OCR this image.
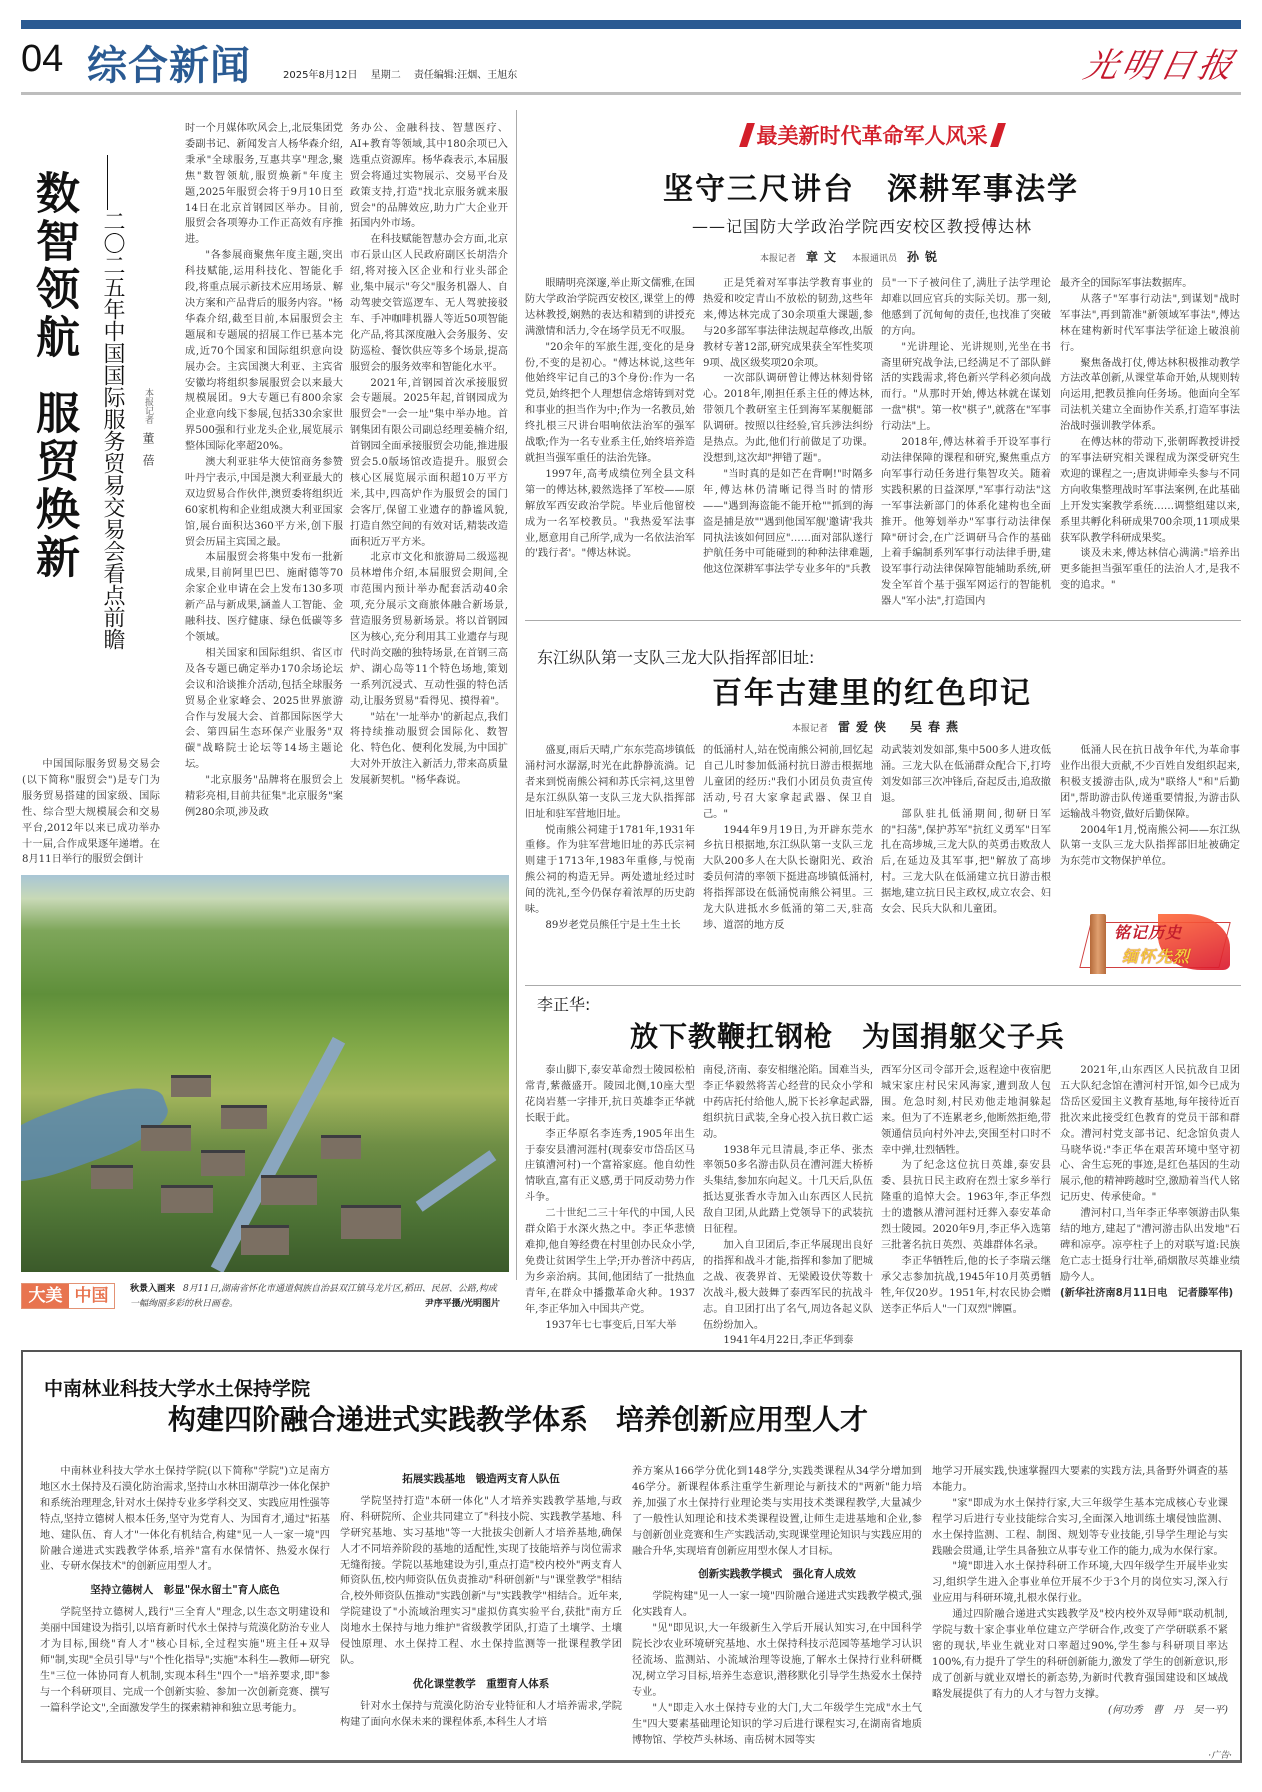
04 综合新闻	2025年8月12日 星期二 责任编辑:汪烟、王旭东	光明日报
数智领航服贸焕新 二〇二五年中国国际服务贸易交易会看点前瞻 本报记者董蓓

中国国际服务贸易交易会(以下简称"服贸会")是专门为服务贸易搭建的国家级、国际性、综合型大规模展会和交易平台,2012年以来已成功举办十一届,合作成果逐年递增。在8月11日举行的服贸会倒计

时一个月媒体吹风会上,北辰集团党委副书记、新闻发言人杨华森介绍,秉承"全球服务,互惠共享"理念,聚焦"数智领航,服贸焕新"年度主题,2025年服贸会将于9月10日至14日在北京首钢园区举办。目前,服贸会各项筹办工作正高效有序推进。

"各参展商聚焦年度主题,突出科技赋能,运用科技化、智能化手段,将重点展示新技术应用场景、解决方案和产品背后的服务内容。"杨华森介绍,截至目前,本届服贸会主题展和专题展的招展工作已基本完成,近70个国家和国际组织意向设展办会。主宾国澳大利亚、主宾省安徽均将组织参展服贸会以来最大规模展团。9大专题已有800余家企业意向线下参展,包括330余家世界500强和行业龙头企业,展览展示整体国际化率超20%。

澳大利亚驻华大使馆商务参赞叶丹宁表示,中国是澳大利亚最大的双边贸易合作伙伴,澳贸委将组织近60家机构和企业组成澳大利亚国家馆,展台面积达360平方米,创下服贸会历届主宾国之最。

本届服贸会将集中发布一批新成果,目前阿里巴巴、施耐德等70余家企业申请在会上发布130多项新产品与新成果,涵盖人工智能、金融科技、医疗健康、绿色低碳等多个领域。

相关国家和国际组织、省区市及各专题已确定举办170余场论坛会议和洽谈推介活动,包括全球服务贸易企业家峰会、2025世界旅游合作与发展大会、首都国际医学大会、第四届生态环保产业服务"双碳"战略院士论坛等14场主题论坛。

"北京服务"品牌将在服贸会上精彩亮相,目前共征集"北京服务"案例280余项,涉及政

务办公、金融科技、智慧医疗、AI+教育等领域,其中180余项已入选重点资源库。杨华森表示,本届服贸会将通过实物展示、交易平台及政策支持,打造"找北京服务就来服贸会"的品牌效应,助力广大企业开拓国内外市场。

在科技赋能智慧办会方面,北京市石景山区人民政府副区长胡浩介绍,将对接入区企业和行业头部企业,集中展示"夸父"服务机器人、自动驾驶交管巡逻车、无人驾驶接驳车、手冲咖啡机器人等近50项智能化产品,将其深度融入会务服务、安防巡检、餐饮供应等多个场景,提高服贸会的服务效率和智能化水平。

2021年,首钢园首次承接服贸会专题展。2025年起,首钢园成为服贸会"一会一址"集中举办地。首钢集团有限公司副总经理姜楠介绍,首钢园全面承接服贸会功能,推进服贸会5.0版场馆改造提升。服贸会核心区展览展示面积超10万平方米,其中,四高炉作为服贸会的国门会客厅,保留工业遗存的静谧风貌,打造自然空间的有效对话,精装改造面积近万平方米。

北京市文化和旅游局二级巡视员林增伟介绍,本届服贸会期间,全市范围内预计举办配套活动40余项,充分展示文商旅体融合新场景,营造服务贸易新场景。将以首钢园区为核心,充分利用其工业遗存与现代时尚交融的独特场景,在首钢三高炉、湖心岛等11个特色场地,策划一系列沉浸式、互动性强的特色活动,让服务贸易"看得见、摸得着"。

"站在'一址举办'的新起点,我们将持续推动服贸会国际化、数智化、特色化、便利化发展,为中国扩大对外开放注入新活力,带来高质量发展新契机。"杨华森说。

最美新时代革命军人风采
坚守三尺讲台　深耕军事法学
——记国防大学政治学院西安校区教授傅达林
本报记者 章文 本报通讯员 孙锐

眼睛明亮深邃,举止斯文儒雅,在国防大学政治学院西安校区,课堂上的傅达林教授,娴熟的表达和精到的讲授充满激情和活力,令在场学员无不叹服。

"20余年的军旅生涯,变化的是身份,不变的是初心。"傅达林说,这些年他始终牢记自己的3个身份:作为一名党员,始终把个人理想信念熔铸到对党和事业的担当作为中;作为一名教员,始终扎根三尺讲台唱响依法治军的强军战歌;作为一名专业系主任,始终培养造就担当强军重任的法治先锋。

1997年,高考成绩位列全县文科第一的傅达林,毅然选择了军校——原解放军西安政治学院。毕业后他留校成为一名军校教员。"我热爱军法事业,愿意用自己所学,成为一名依法治军的'践行者'。"傅达林说。

正是凭着对军事法学教育事业的热爱和咬定青山不放松的韧劲,这些年来,傅达林完成了30余项重大课题,参与20多部军事法律法规起草修改,出版教材专著12部,研究成果获全军性奖项9项、战区级奖项20余项。

一次部队调研曾让傅达林刻骨铭心。2018年,刚担任系主任的傅达林,带领几个教研室主任到海军某舰艇部队调研。按照以往经验,官兵涉法纠纷是热点。为此,他们行前做足了功课。没想到,这次却"押错了题"。

"当时真的是如芒在背啊!"时隔多年,傅达林仍清晰记得当时的情形——"遇到海盗能不能开枪""抓到的海盗是捕是放""遇到他国军舰'邀请'我共同执法该如何回应"……面对部队遂行护航任务中可能碰到的种种法律难题,他这位深耕军事法学专业多年的"兵教

员"一下子被问住了,满肚子法学理论却难以回应官兵的实际关切。那一刻,他感到了沉甸甸的责任,也找准了突破的方向。

"光讲理论、光讲规则,光坐在书斋里研究战争法,已经满足不了部队鲜活的实践需求,将色新兴学科必须向战而行。"从那时开始,傅达林就在谋划一盘"棋"。第一枚"棋子",就落在"军事行动法"上。

2018年,傅达林着手开设军事行动法律保障的课程和研究,聚焦重点方向军事行动任务进行集智攻关。随着实践积累的日益深厚,"军事行动法"这一军事法新部门的体系化建构也全面推开。他筹划举办"军事行动法律保障"研讨会,在广泛调研马合作的基础上着手编制系列军事行动法律手册,建设军事行动法律保障智能辅助系统,研发全军首个基于强军网运行的智能机器人"军小法",打造国内

最齐全的国际军事法数据库。

从落子"军事行动法",到谋划"战时军事法",再到箭准"新领域军事法",傅达林在建构新时代军事法学征途上破浪前行。

聚焦备战打仗,傅达林积极推动教学方法改革创新,从课堂革命开始,从规则转向运用,把教员推向任务场。他面向全军司法机关建立全面协作关系,打造军事法治战时强训教学体系。

在傅达林的带动下,张朝晖教授讲授的军事法研究相关课程成为深受研究生欢迎的课程之一;唐岚讲师牵头参与不同方向收集整理战时军事法案例,在此基础上开发实案教学系统……调整组建以来,系里共孵化科研成果700余项,11项成果获军队教学科研成果奖。

谈及未来,傅达林信心满满:"培养出更多能担当强军重任的法治人才,是我不变的追求。"

东江纵队第一支队三龙大队指挥部旧址:
百年古建里的红色印记
本报记者 雷爱侠　吴春燕

盛夏,雨后天晴,广东东莞高埗镇低涌村河水潺潺,时光在此静静流淌。记者来到悦南熊公祠和苏氏宗祠,这里曾是东江纵队第一支队三龙大队指挥部旧址和驻军营地旧址。

悦南熊公祠建于1781年,1931年重修。作为驻军营地旧址的苏氏宗祠则建于1713年,1983年重修,与悦南熊公祠的构造无异。两处遗址经过时间的洗礼,至今仍保存着浓厚的历史韵味。

89岁老党员熊任宁是土生土长

的低涌村人,站在悦南熊公祠前,回忆起自己儿时参加低涌村抗日游击根据地儿童团的经历:"我们小团员负责宣传活动,号召大家拿起武器、保卫自己。"

1944年9月19日,为开辟东莞水乡抗日根据地,东江纵队第一支队三龙大队200多人在大队长谢阳光、政治委员何清的率领下挺进高埗镇低涌村,将指挥部设在低涌悦南熊公祠里。三龙大队进抵水乡低涌的第二天,驻高埗、道滘的地方反

动武装刘发如部,集中500多人进攻低涌。三龙大队在低涌群众配合下,打垮刘发如部三次冲锋后,奋起反击,追敌撤退。

部队驻扎低涌期间,彻研日军的"扫荡",保护苏军"抗红义勇军"日军扎在高埗城,三龙大队的英勇击败敌人后,在延边及其军事,把"解放了高埗村。三龙大队在低涌建立抗日游击根据地,建立抗日民主政权,成立农会、妇女会、民兵大队和儿童团。

低涌人民在抗日战争年代,为革命事业作出很大贡献,不少百姓自发组织起来,积极支援游击队,成为"联络人"和"后勤团",帮助游击队传递重要情报,为游击队运输战斗物资,做好后勤保障。

2004年1月,悦南熊公祠——东江纵队第一支队三龙大队指挥部旧址被确定为东莞市文物保护单位。

铭记历史
缅怀先烈
大美 中国	秋景入画来 8月11日,湖南省怀化市通道侗族自治县双江镇马龙片区,稻田、民居、公路,构成一幅绚丽多彩的秋日画卷。	尹序平摄/光明图片
李正华:
放下教鞭扛钢枪　为国捐躯父子兵

泰山脚下,泰安革命烈士陵园松柏常青,紫薇盛开。陵园北侧,10座大型花岗岩墓一字排开,抗日英雄李正华就长眠于此。

李正华原名李连秀,1905年出生于泰安县漕河涯村(现泰安市岱岳区马庄镇漕河村)一个富裕家庭。他自幼性情耿直,富有正义感,勇于同反动势力作斗争。

二十世纪二三十年代的中国,人民群众陷于水深火热之中。李正华悲愤难抑,他自筹经费在村里创办民众小学,免费让贫困学生上学;开办普济中药店,为乡亲治病。其间,他团结了一批热血青年,在群众中播撒革命火种。1937年,李正华加入中国共产党。

1937年七七事变后,日军大举

南侵,济南、泰安相继沦陷。国难当头,李正华毅然将苦心经营的民众小学和中药店托付给他人,脱下长衫拿起武器,组织抗日武装,全身心投入抗日救亡运动。

1938年元旦清晨,李正华、张杰率领50多名游击队员在漕河涯大桥桥头集结,参加东向起义。十几天后,队伍抵达夏张香水寺加入山东西区人民抗敌自卫团,从此踏上党领导下的武装抗日征程。

加入自卫团后,李正华展现出良好的指挥和战斗才能,指挥和参加了肥城之战、夜袭界首、无梁殿设伏等数十次战斗,极大鼓舞了泰西军民的抗战斗志。自卫团打出了名气,周边各起义队伍纷纷加入。

1941年4月22日,李正华到泰

西军分区司令部开会,返程途中夜宿肥城宋家庄村民宋风海家,遭到敌人包围。危急时刻,村民劝他走地洞躲起来。但为了不连累老乡,他断然拒绝,带领通信员向村外冲去,突围至村口时不幸中弹,壮烈牺牲。

为了纪念这位抗日英雄,泰安县委、县抗日民主政府在烈士家乡举行隆重的追悼大会。1963年,李正华烈士的遗骸从漕河涯村迁葬入泰安革命烈士陵园。2020年9月,李正华入选第三批著名抗日英烈、英雄群体名录。

李正华牺牲后,他的长子李瑞云继承父志参加抗战,1945年10月英勇牺牲,年仅20岁。1951年,村农民协会赠送李正华后人"一门双烈"牌匾。

2021年,山东西区人民抗敌自卫团五大队纪念馆在漕河村开馆,如今已成为岱岳区爱国主义教育基地,每年接待近百批次来此接受红色教育的党员干部和群众。漕河村党支部书记、纪念馆负责人马晓华说:"李正华在艰苦环境中坚守初心、舍生忘死的事迹,是红色基因的生动展示,他的精神跨越时空,激励着当代人铭记历史、传承使命。"

漕河村口,当年李正华率领游击队集结的地方,建起了"漕河游击队出发地"石碑和凉亭。凉亭柱子上的对联写道:民族危亡志士挺身行壮举,硝烟散尽英雄业绩励今人。

(新华社济南8月11日电　记者滕军伟)

中南林业科技大学水土保持学院
构建四阶融合递进式实践教学体系　培养创新应用型人才

中南林业科技大学水土保持学院(以下简称"学院")立足南方地区水土保持及石漠化防治需求,坚持山水林田湖草沙一体化保护和系统治理理念,针对水土保持专业多学科交叉、实践应用性强等特点,坚持立德树人根本任务,坚守为党育人、为国育才,通过"拓基地、建队伍、育人才"一体化有机结合,构建"见一人一家一境"四阶融合递进式实践教学体系,培养"富有水保情怀、热爱水保行业、专研水保技术"的创新应用型人才。

坚持立德树人　彰显"保水留土"育人底色

学院坚持立德树人,践行"三全育人"理念,以生态文明建设和美丽中国建设为指引,以培育新时代水土保持与荒漠化防治专业人才为目标,围绕"育人才"核心目标,全过程实施"班主任+双导师"制,实现"全员引导"与"个性化指导";实施"本科生—教师—研究生"三位一体协同育人机制,实现本科生"四个一"培养要求,即"参与一个科研项目、完成一个创新实验、参加一次创新竞赛、撰写一篇科学论文",全面激发学生的探索精神和独立思考能力。

拓展实践基地　锻造两支育人队伍

学院坚持打造"本研一体化"人才培养实践教学基地,与政府、科研院所、企业共同建立了"科技小院、实践教学基地、科学研究基地、实习基地"等一大批拔尖创新人才培养基地,确保人才不同培养阶段的基地的适配性,实现了技能培养与岗位需求无缝衔接。学院以基地建设为引,重点打造"校内校外"两支育人师资队伍,校内师资队伍负责推动"科研创新"与"课堂教学"相结合,校外师资队伍推动"实践创新"与"实践教学"相结合。近年来,学院建设了"小流域治理实习"虚拟仿真实验平台,获批"南方丘岗地水土保持与地力维护"省级教学团队,打造了土壤学、土壤侵蚀原理、水土保持工程、水土保持监测等一批课程教学团队。

优化课堂教学　重塑育人体系

针对水土保持与荒漠化防治专业特征和人才培养需求,学院构建了面向水保未来的课程体系,本科生人才培

养方案从166学分优化到148学分,实践类课程从34学分增加到46学分。新课程体系注重学生新理论与新技术的"两新"能力培养,加强了水土保持行业理论类与实用技术类课程教学,大量减少了一般性认知理论和技术类课程设置,让师生走进基地和企业,参与创新创业竞赛和生产实践活动,实现课堂理论知识与实践应用的融合升华,实现培育创新应用型水保人才目标。

创新实践教学模式　强化育人成效

学院构建"见一人一家一境"四阶融合递进式实践教学模式,强化实践育人。

"见"即见识,大一年级新生入学后开展认知实习,在中国科学院长沙农业环境研究基地、水土保持科技示范园等基地学习认识径流场、监测站、小流域治理等设施,了解水土保持行业科研概况,树立学习目标,培养生态意识,潜移默化引导学生热爱水土保持专业。

"人"即走入水土保持专业的大门,大二年级学生完成"水土气生"四大要素基础理论知识的学习后进行课程实习,在湖南省地质博物馆、学校芦头林场、南岳树木园等实

地学习开展实践,快速掌握四大要素的实践方法,具备野外调查的基本能力。

"家"即成为水土保持行家,大三年级学生基本完成核心专业课程学习后进行专业技能综合实习,全面深入地训练土壤侵蚀监测、水土保持监测、工程、制图、规划等专业技能,引导学生理论与实践融会贯通,让学生具备独立从事专业工作的能力,成为水保行家。

"境"即进入水土保持科研工作环境,大四年级学生开展毕业实习,组织学生进入企事业单位开展不少于3个月的岗位实习,深入行业应用与科研环境,扎根水保行业。

通过四阶融合递进式实践教学及"校内校外双导师"联动机制,学院与数十家企事业单位建立产学研合作,改变了产学研联系不紧密的现状,毕业生就业对口率超过90%,学生参与科研项目率达100%,有力提升了学生的科研创新能力,激发了学生的创新意识,形成了创新与就业双增长的新态势,为新时代教育强国建设和区域战略发展提供了有力的人才与智力支撑。

(何功秀　曹　丹　吴一平)

·广告·
